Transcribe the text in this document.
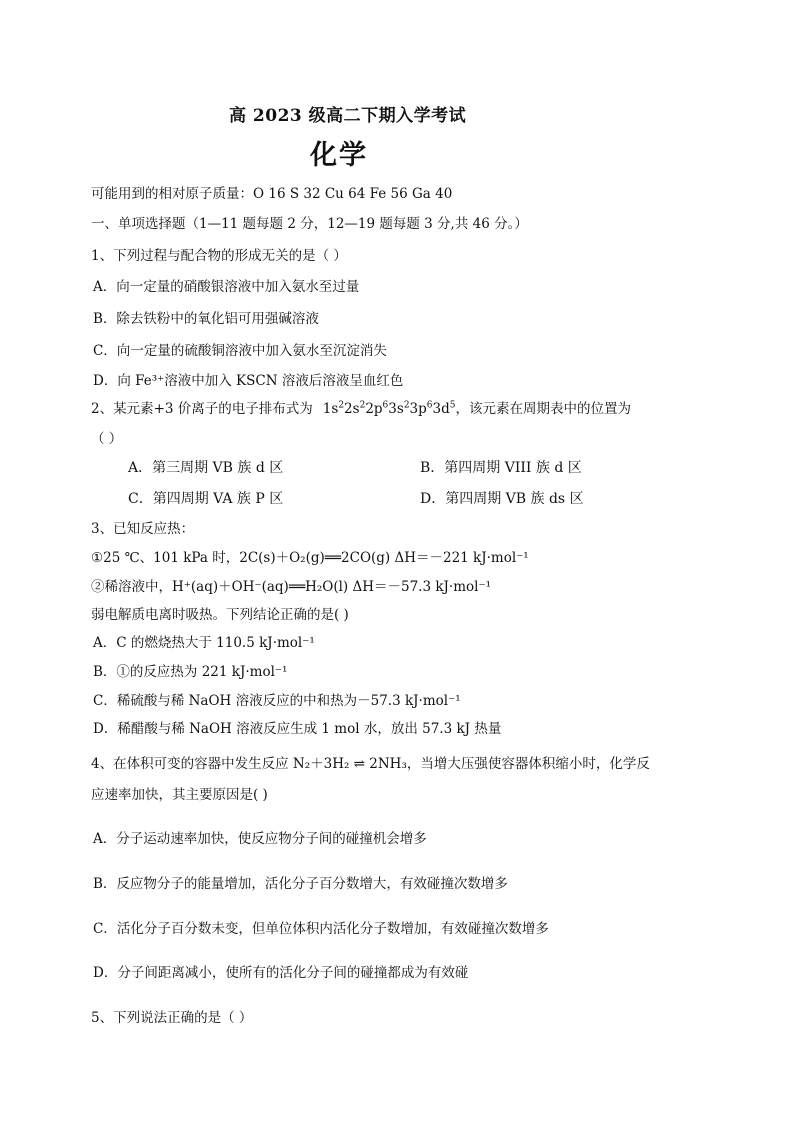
高 2023 级高二下期入学考试
化学
可能用到的相对原子质量：O 16 S 32 Cu 64 Fe 56 Ga 40
一、单项选择题（1—11 题每题 2 分，12—19 题每题 3 分,共 46 分。）
1、下列过程与配合物的形成无关的是（ ）
A．向一定量的硝酸银溶液中加入氨水至过量
B．除去铁粉中的氧化铝可用强碱溶液
C．向一定量的硫酸铜溶液中加入氨水至沉淀消失
D．向 Fe³⁺溶液中加入 KSCN 溶液后溶液呈血红色
2、某元素+3 价离子的电子排布式为 $1s^22s^22p^63s^23p^63d^5$，该元素在周期表中的位置为
（ ）
A．第三周期 VB 族 d 区	B．第四周期 VIII 族 d 区
C．第四周期 VA 族 P 区	D．第四周期 VB 族 ds 区
3、已知反应热：
①25 ℃、101 kPa 时，2C(s)＋O₂(g)══2CO(g) ΔH＝－221 kJ·mol⁻¹
②稀溶液中，H⁺(aq)＋OH⁻(aq)══H₂O(l) ΔH＝－57.3 kJ·mol⁻¹
弱电解质电离时吸热。下列结论正确的是( )
A．C 的燃烧热大于 110.5 kJ·mol⁻¹
B．①的反应热为 221 kJ·mol⁻¹
C．稀硫酸与稀 NaOH 溶液反应的中和热为－57.3 kJ·mol⁻¹
D．稀醋酸与稀 NaOH 溶液反应生成 1 mol 水，放出 57.3 kJ 热量
4、在体积可变的容器中发生反应 N₂＋3H₂ ⇌ 2NH₃，当增大压强使容器体积缩小时，化学反
应速率加快，其主要原因是( )
A．分子运动速率加快，使反应物分子间的碰撞机会增多
B．反应物分子的能量增加，活化分子百分数增大，有效碰撞次数增多
C．活化分子百分数未变，但单位体积内活化分子数增加，有效碰撞次数增多
D．分子间距离减小，使所有的活化分子间的碰撞都成为有效碰
5、下列说法正确的是（ ）
